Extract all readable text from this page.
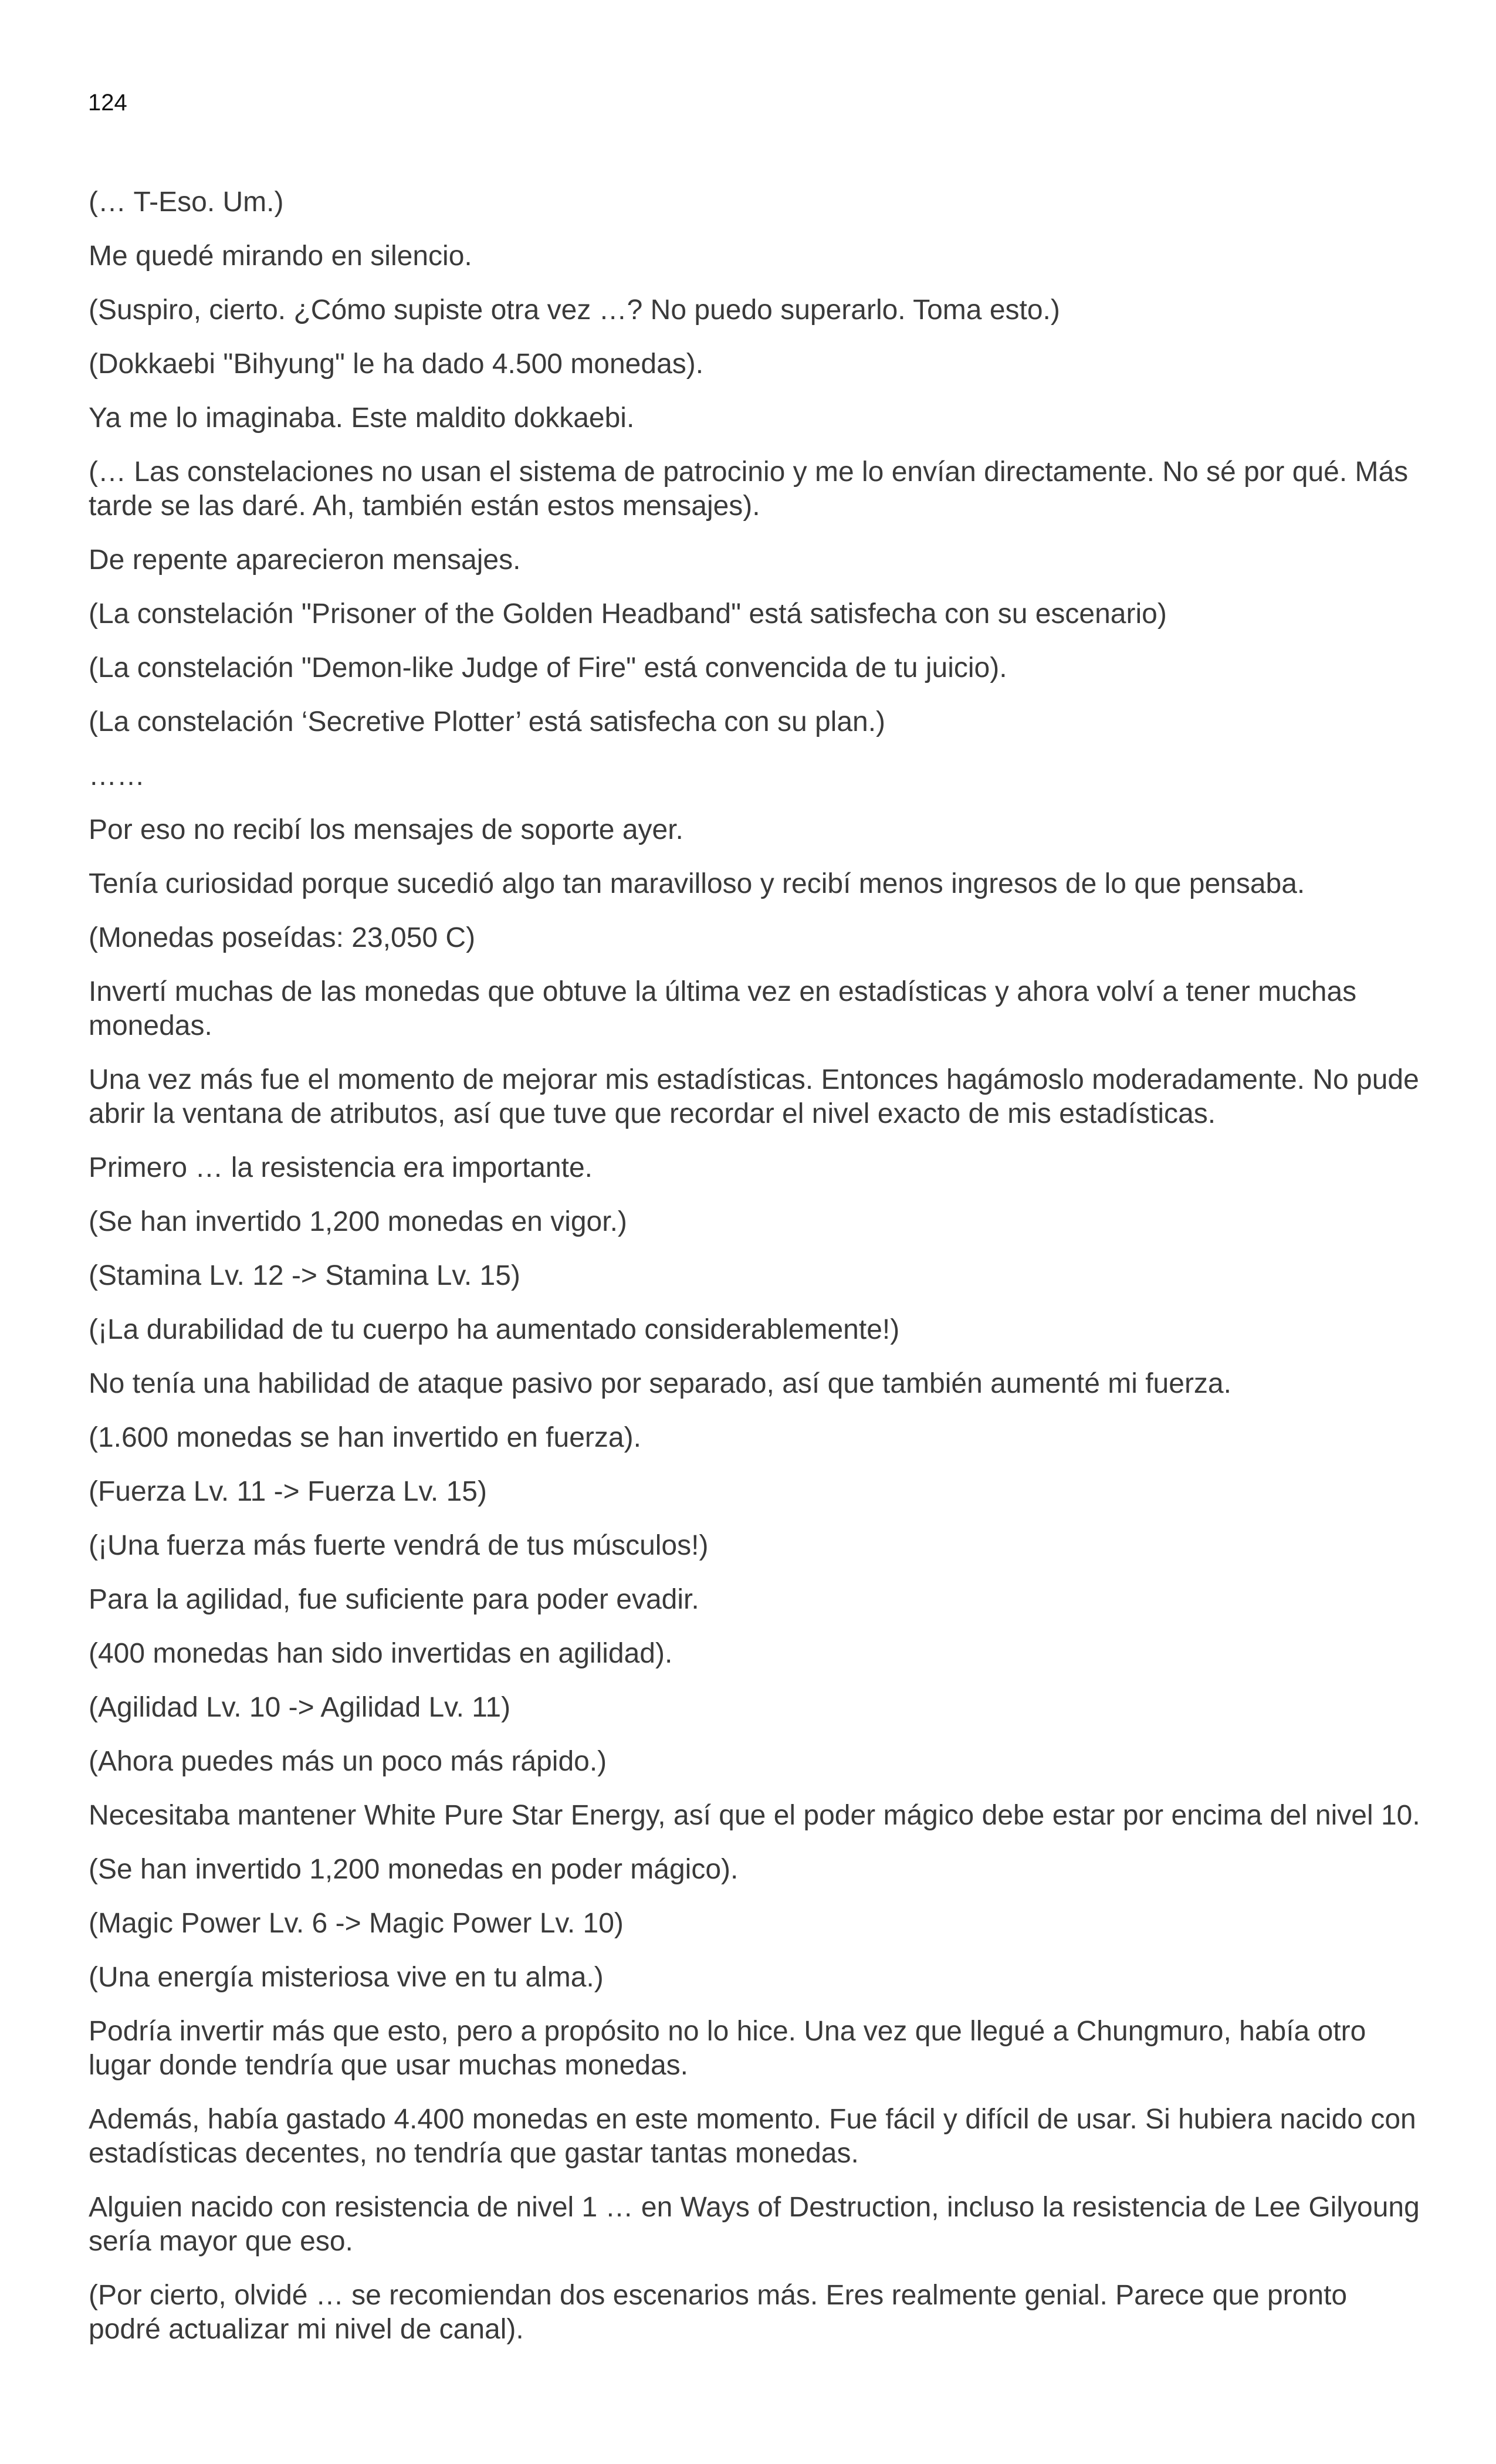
124

(… T-Eso. Um.)

Me quedé mirando en silencio.

(Suspiro, cierto. ¿Cómo supiste otra vez …? No puedo superarlo. Toma esto.)

(Dokkaebi "Bihyung" le ha dado 4.500 monedas).

Ya me lo imaginaba. Este maldito dokkaebi.

(… Las constelaciones no usan el sistema de patrocinio y me lo envían directamente. No sé por qué. Más tarde se las daré. Ah, también están estos mensajes).

De repente aparecieron mensajes.

(La constelación "Prisoner of the Golden Headband" está satisfecha con su escenario)

(La constelación "Demon-like Judge of Fire" está convencida de tu juicio).

(La constelación ‘Secretive Plotter’ está satisfecha con su plan.)

……

Por eso no recibí los mensajes de soporte ayer.

Tenía curiosidad porque sucedió algo tan maravilloso y recibí menos ingresos de lo que pensaba.

(Monedas poseídas: 23,050 C)

Invertí muchas de las monedas que obtuve la última vez en estadísticas y ahora volví a tener muchas monedas.

Una vez más fue el momento de mejorar mis estadísticas. Entonces hagámoslo moderadamente. No pude abrir la ventana de atributos, así que tuve que recordar el nivel exacto de mis estadísticas.

Primero … la resistencia era importante.

(Se han invertido 1,200 monedas en vigor.)

(Stamina Lv. 12 -> Stamina Lv. 15)

(¡La durabilidad de tu cuerpo ha aumentado considerablemente!)

No tenía una habilidad de ataque pasivo por separado, así que también aumenté mi fuerza.

(1.600 monedas se han invertido en fuerza).

(Fuerza Lv. 11 -> Fuerza Lv. 15)

(¡Una fuerza más fuerte vendrá de tus músculos!)

Para la agilidad, fue suficiente para poder evadir.

(400 monedas han sido invertidas en agilidad).

(Agilidad Lv. 10 -> Agilidad Lv. 11)

(Ahora puedes más un poco más rápido.)

Necesitaba mantener White Pure Star Energy, así que el poder mágico debe estar por encima del nivel 10.

(Se han invertido 1,200 monedas en poder mágico).

(Magic Power Lv. 6 -> Magic Power Lv. 10)

(Una energía misteriosa vive en tu alma.)

Podría invertir más que esto, pero a propósito no lo hice. Una vez que llegué a Chungmuro, había otro lugar donde tendría que usar muchas monedas.

Además, había gastado 4.400 monedas en este momento. Fue fácil y difícil de usar. Si hubiera nacido con estadísticas decentes, no tendría que gastar tantas monedas.

Alguien nacido con resistencia de nivel 1 … en Ways of Destruction, incluso la resistencia de Lee Gilyoung sería mayor que eso.

(Por cierto, olvidé … se recomiendan dos escenarios más. Eres realmente genial. Parece que pronto podré actualizar mi nivel de canal).
